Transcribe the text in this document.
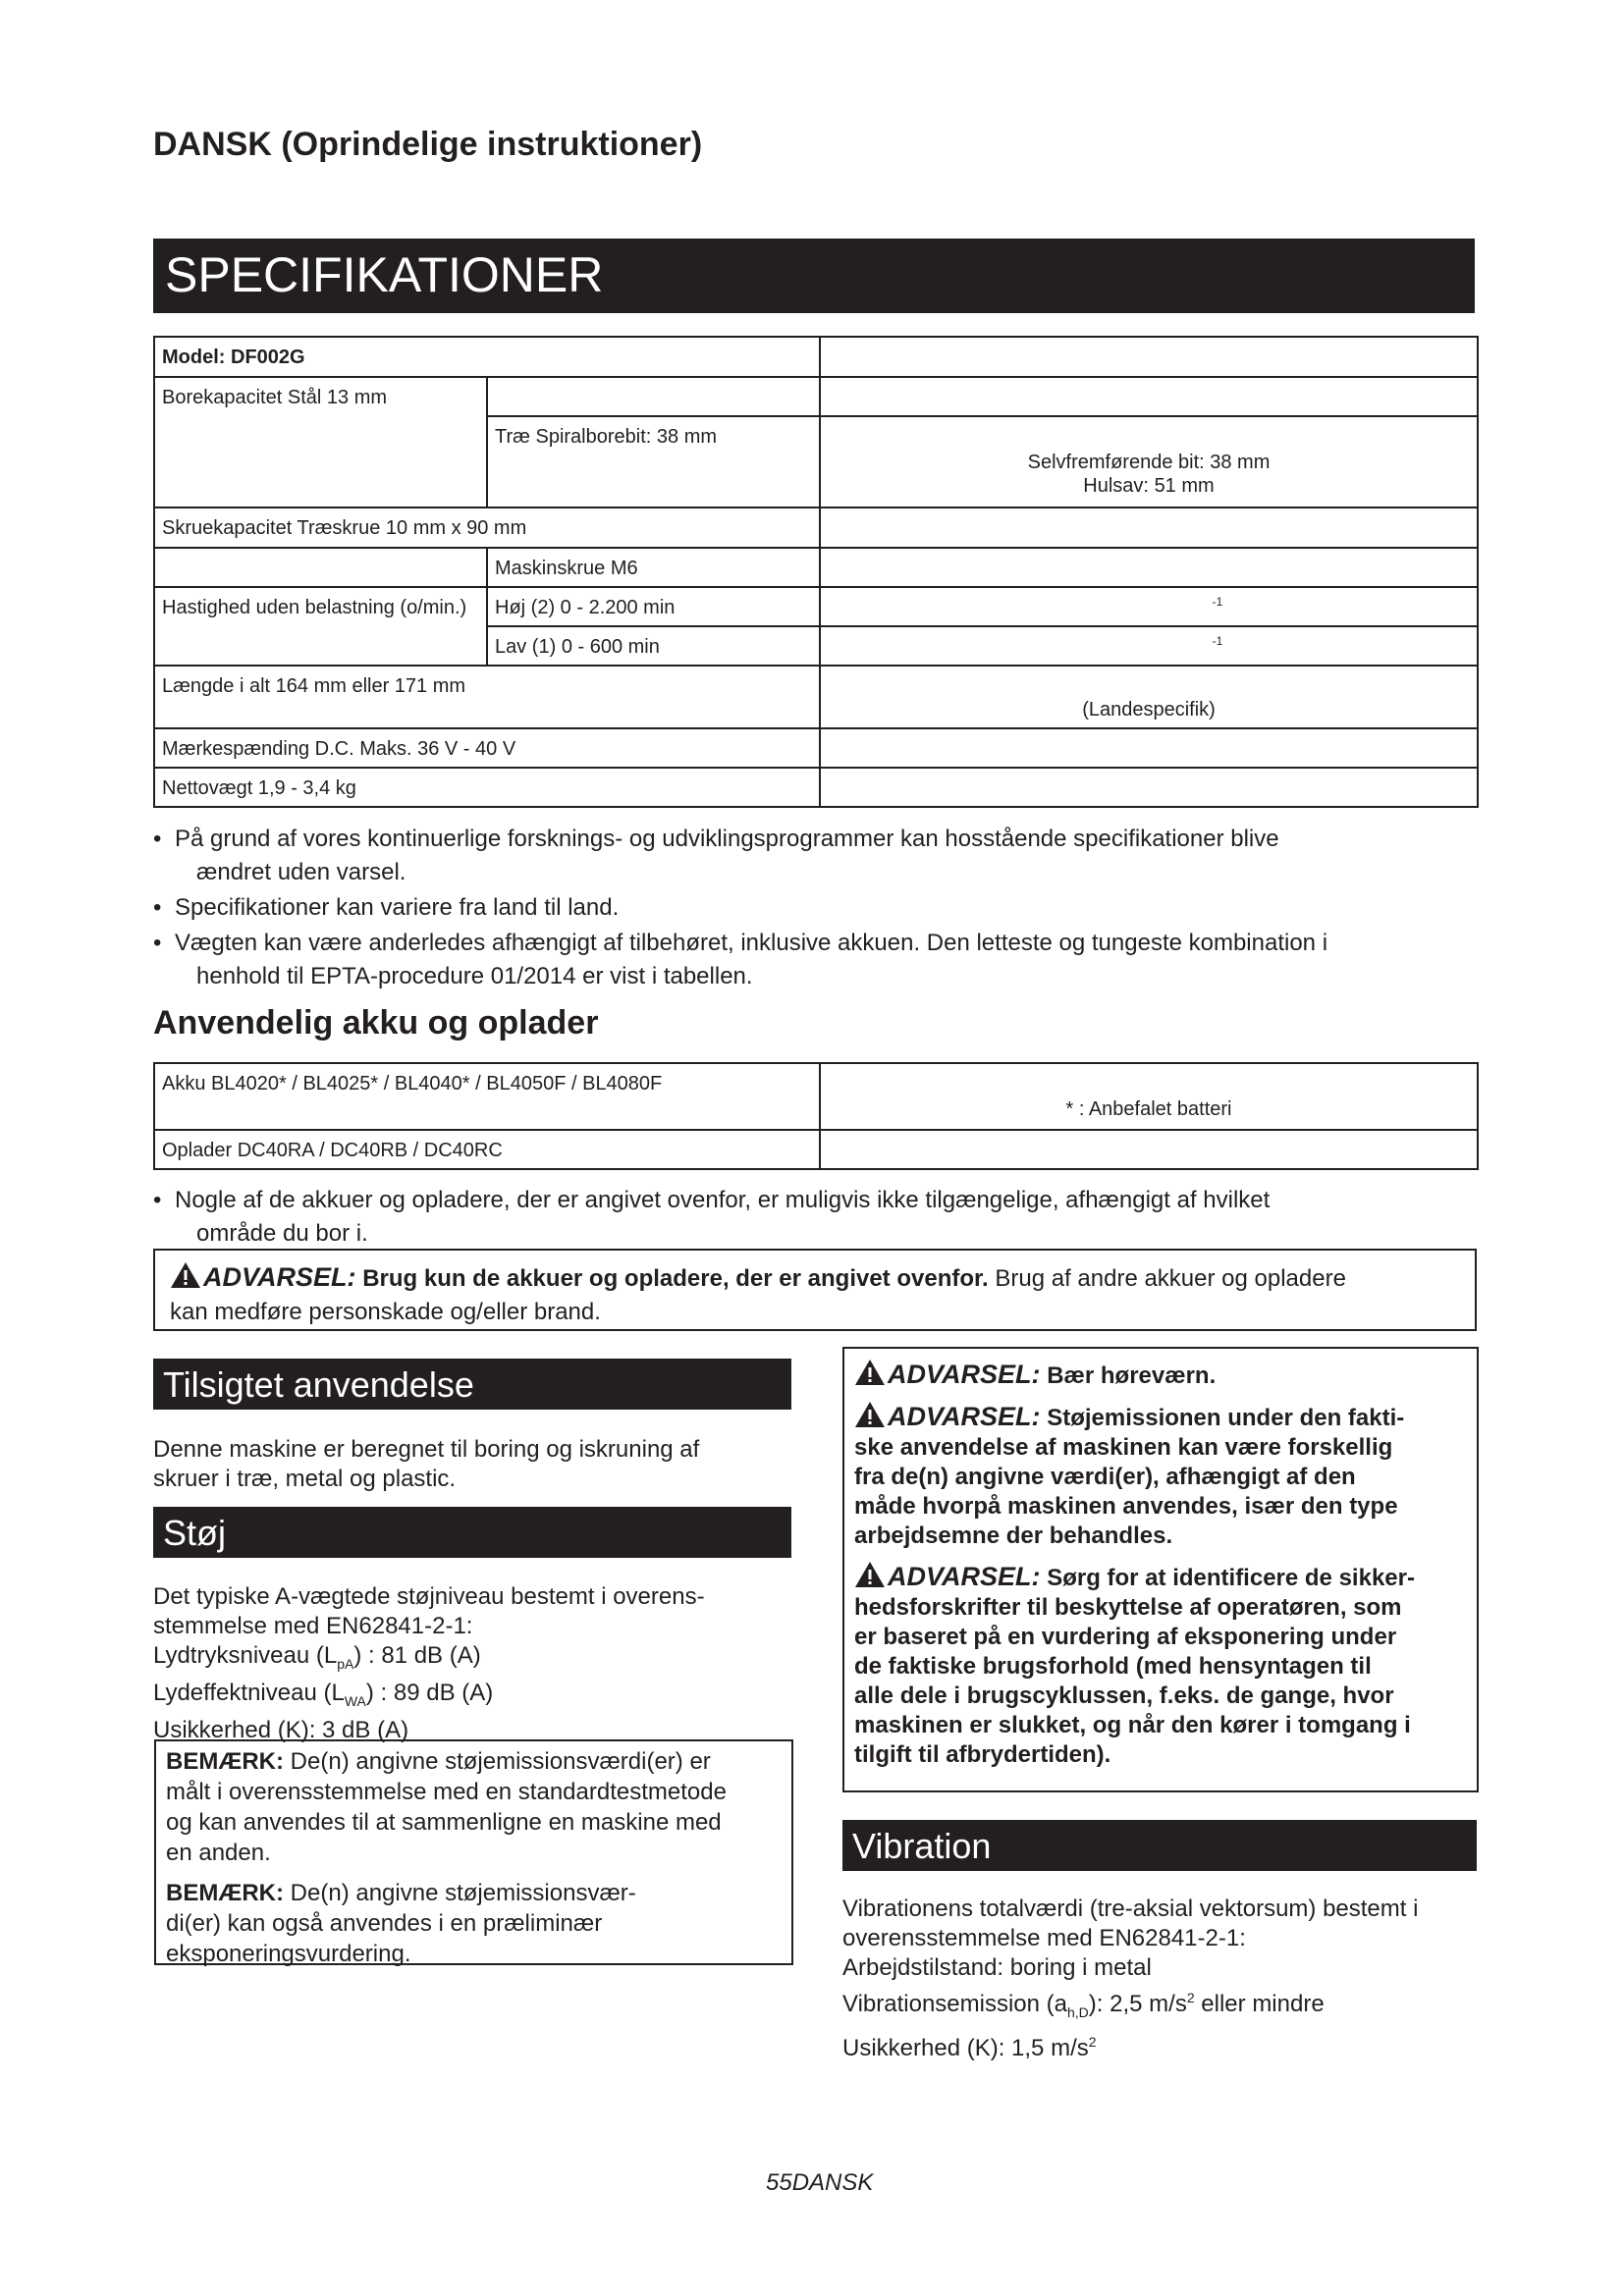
DANSK (Oprindelige instruktioner)
SPECIFIKATIONER
Model: DF002G		
Borekapacitet Stål 13 mm		
	Træ Spiralborebit: 38 mm	Selvfremførende bit: 38 mm
Hulsav: 51 mm

Skruekapacitet Træskrue 10 mm x 90 mm		
	Maskinskrue M6	
Hastighed uden belastning (o/min.)	Høj (2) 0 - 2.200 min	-1
	Lav (1) 0 - 600 min	-1
Længde i alt 164 mm eller 171 mm		(Landespecifik)
Mærkespænding D.C. Maks. 36 V - 40 V		
Nettovægt 1,9 - 3,4 kg		
• På grund af vores kontinuerlige forsknings- og udviklingsprogrammer kan hosstående specifikationer blive
ændret uden varsel.
• Specifikationer kan variere fra land til land.
• Vægten kan være anderledes afhængigt af tilbehøret, inklusive akkuen. Den letteste og tungeste kombination i
henhold til EPTA-procedure 01/2014 er vist i tabellen.
Anvendelig akku og oplader
Akku BL4020* / BL4025* / BL4040* / BL4050F / BL4080F	* : Anbefalet batteri
Oplader DC40RA / DC40RB / DC40RC	
• Nogle af de akkuer og opladere, der er angivet ovenfor, er muligvis ikke tilgængelige, afhængigt af hvilket
område du bor i.
ADVARSEL: Brug kun de akkuer og opladere, der er angivet ovenfor. Brug af andre akkuer og opladere
kan medføre personskade og/eller brand.
Tilsigtet anvendelse
Denne maskine er beregnet til boring og iskruning af
skruer i træ, metal og plastic.
Støj
Det typiske A-vægtede støjniveau bestemt i overens-
stemmelse med EN62841-2-1:
Lydtryksniveau $(L_{pA})$ : 81 dB (A)
Lydeffektniveau $(L_{WA})$ : 89 dB (A)
Usikkerhed (K): 3 dB (A)
BEMÆRK: De(n) angivne støjemissionsværdi(er) er
målt i overensstemmelse med en standardtestmetode
og kan anvendes til at sammenligne en maskine med
en anden.
BEMÆRK: De(n) angivne støjemissionsvær-
di(er) kan også anvendes i en præliminær
eksponeringsvurdering.

ADVARSEL: Bær høreværn.

ADVARSEL: Støjemissionen under den fakti-
ske anvendelse af maskinen kan være forskellig
fra de(n) angivne værdi(er), afhængigt af den
måde hvorpå maskinen anvendes, især den type
arbejdsemne der behandles.

ADVARSEL: Sørg for at identificere de sikker-
hedsforskrifter til beskyttelse af operatøren, som
er baseret på en vurdering af eksponering under
de faktiske brugsforhold (med hensyntagen til
alle dele i brugscyklussen, f.eks. de gange, hvor
maskinen er slukket, og når den kører i tomgang i
tilgift til afbrydertiden).

Vibration
Vibrationens totalværdi (tre-aksial vektorsum) bestemt i
overensstemmelse med EN62841-2-1:
Arbejdstilstand: boring i metal
Vibrationsemission $(a_{h,D})$: 2,5 $m/s^2$ eller mindre
Usikkerhed (K): 1,5 $m/s^2$
55DANSK
